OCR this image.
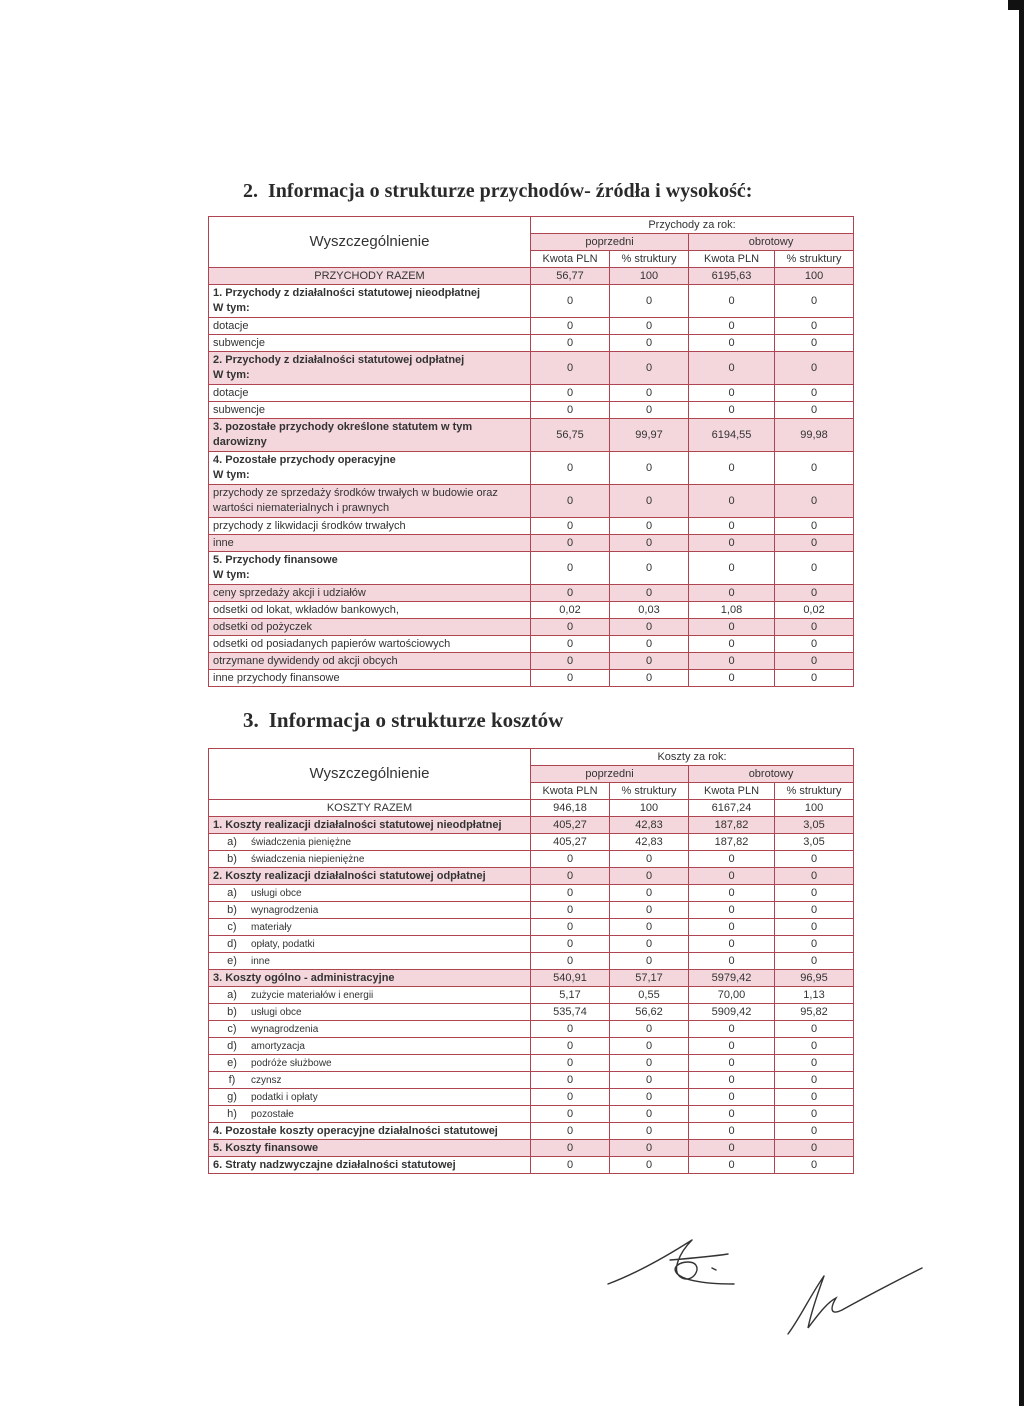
2. Informacja o strukturze przychodów- źródła i wysokość:
Wyszczególnienie	Przychody za rok:			
	poprzedni		obrotowy	
	Kwota PLN	% struktury	Kwota PLN	% struktury

PRZYCHODY RAZEM	56,77	100	6195,63	100

1. Przychody z działalności statutowej nieodpłatnej
W tym:	0	0	0	0

dotacje	0	0	0	0

subwencje	0	0	0	0

2. Przychody z działalności statutowej odpłatnej
W tym:	0	0	0	0

dotacje	0	0	0	0

subwencje	0	0	0	0

3. pozostałe przychody określone statutem w tym
darowizny	56,75	99,97	6194,55	99,98

4. Pozostałe przychody operacyjne
W tym:	0	0	0	0

przychody ze sprzedaży środków trwałych w budowie oraz
wartości niematerialnych i prawnych	0	0	0	0

przychody z likwidacji środków trwałych	0	0	0	0

inne	0	0	0	0

5. Przychody finansowe
W tym:	0	0	0	0

ceny sprzedaży akcji i udziałów	0	0	0	0

odsetki od lokat, wkładów bankowych,	0,02	0,03	1,08	0,02

odsetki od pożyczek	0	0	0	0

odsetki od posiadanych papierów wartościowych	0	0	0	0

otrzymane dywidendy od akcji obcych	0	0	0	0

inne przychody finansowe	0	0	0	0
3. Informacja o strukturze kosztów
Wyszczególnienie	Koszty za rok:			
	poprzedni		obrotowy	
	Kwota PLN	% struktury	Kwota PLN	% struktury
KOSZTY RAZEM	946,18	100	6167,24	100
1. Koszty realizacji działalności statutowej nieodpłatnej	405,27	42,83	187,82	3,05
a) świadczenia pieniężne	405,27	42,83	187,82	3,05
b) świadczenia niepieniężne	0	0	0	0
2. Koszty realizacji działalności statutowej odpłatnej	0	0	0	0
a) usługi obce	0	0	0	0
b) wynagrodzenia	0	0	0	0
c) materiały	0	0	0	0
d) opłaty, podatki	0	0	0	0
e) inne	0	0	0	0
3. Koszty ogólno - administracyjne	540,91	57,17	5979,42	96,95
a) zużycie materiałów i energii	5,17	0,55	70,00	1,13
b) usługi obce	535,74	56,62	5909,42	95,82
c) wynagrodzenia	0	0	0	0
d) amortyzacja	0	0	0	0
e) podróże służbowe	0	0	0	0
f) czynsz	0	0	0	0
g) podatki i opłaty	0	0	0	0
h) pozostałe	0	0	0	0
4. Pozostałe koszty operacyjne działalności statutowej	0	0	0	0
5. Koszty finansowe	0	0	0	0
6. Straty nadzwyczajne działalności statutowej	0	0	0	0
